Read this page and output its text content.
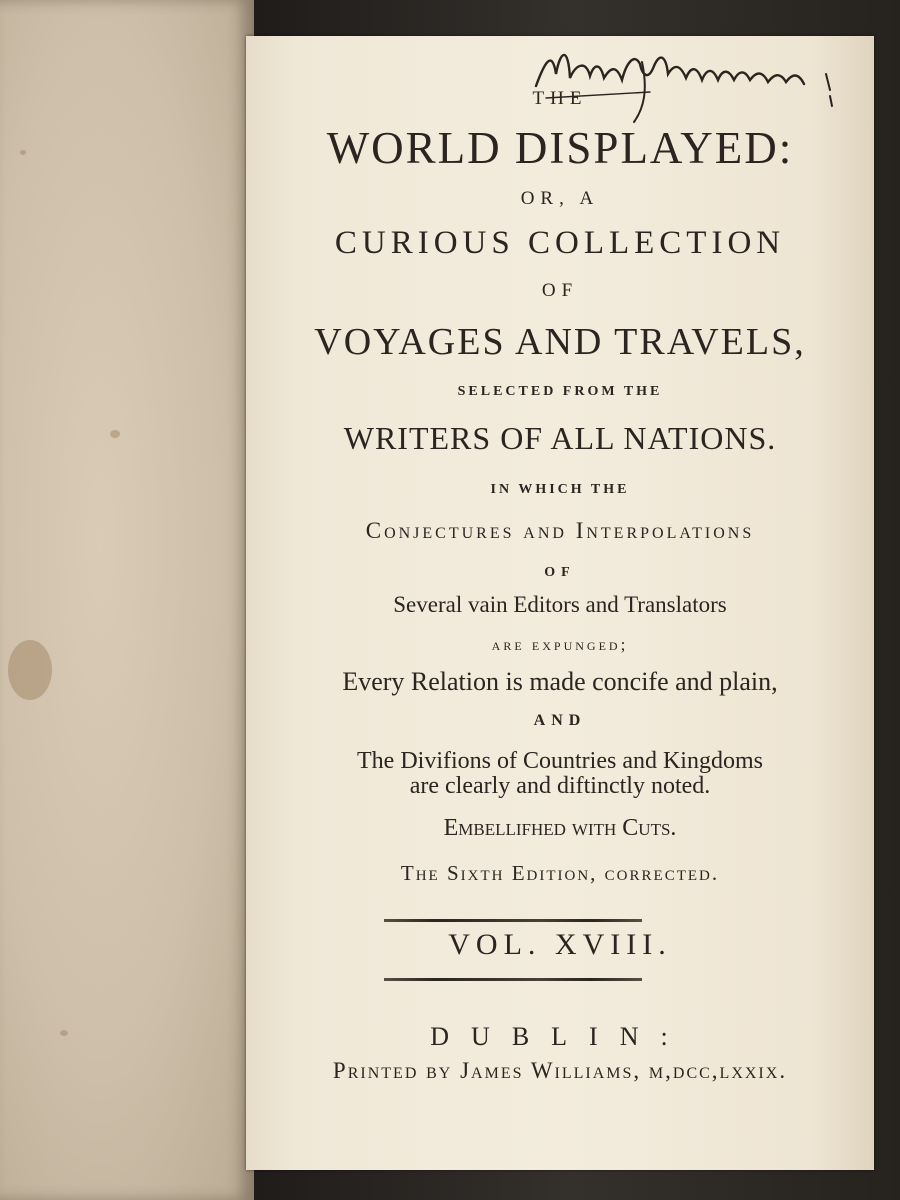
THE
WORLD DISPLAYED:
OR, A
CURIOUS COLLECTION
OF
VOYAGES AND TRAVELS,
SELECTED FROM THE
WRITERS OF ALL NATIONS.
IN WHICH THE
Conjectures and Interpolations
OF
Several vain Editors and Translators
are expunged;
Every Relation is made concife and plain,
AND
The Divifions of Countries and Kingdoms
are clearly and diftinctly noted.
Embellifhed with Cuts.
The Sixth Edition, corrected.
VOL. XVIII.
DUBLIN:
Printed by James Williams, m,dcc,lxxix.
